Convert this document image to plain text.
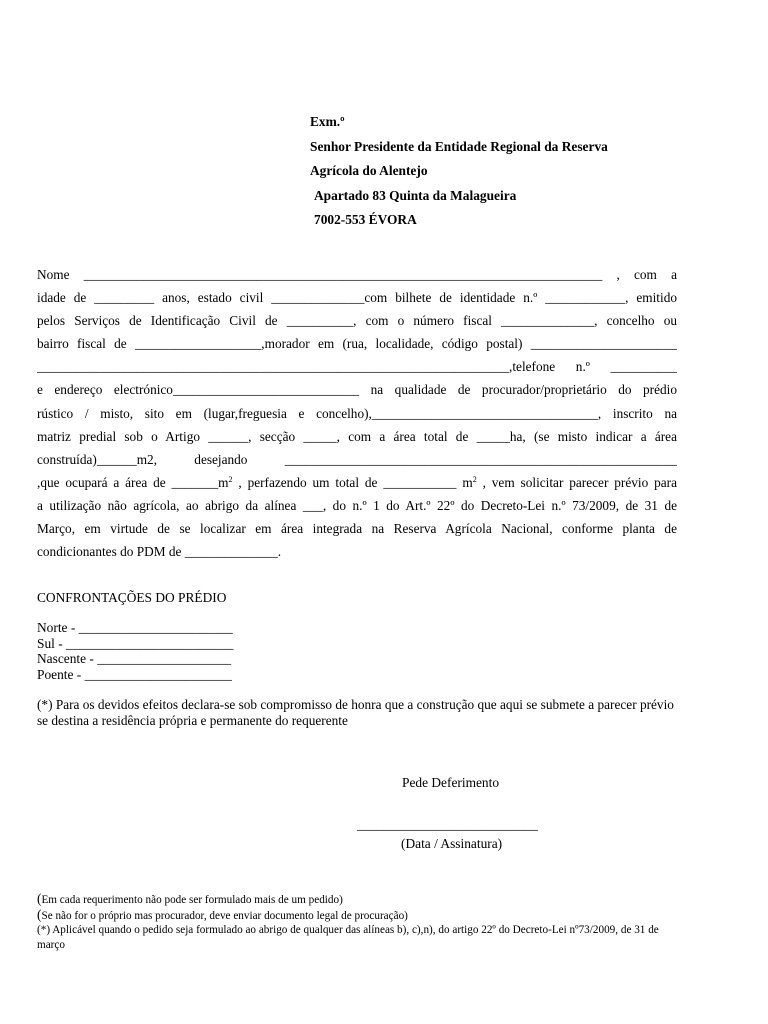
Exm.º
Senhor Presidente da Entidade Regional da Reserva
Agrícola do Alentejo
Apartado 83 Quinta da Malagueira
7002-553 ÉVORA
Nome ______________________________________________________________________________ , com a
idade de _________ anos, estado civil ______________com bilhete de identidade n.º ____________, emitido
pelos Serviços de Identificação Civil de __________, com o número fiscal ______________, concelho ou
bairro fiscal de ___________________,morador em (rua, localidade, código postal) ______________________
_______________________________________________________________________,telefone n.º __________
e endereço electrónico____________________________ na qualidade de procurador/proprietário do prédio
rústico / misto, sito em (lugar,freguesia e concelho),__________________________________, inscrito na
matriz predial sob o Artigo ______, secção _____, com a área total de _____ha, (se misto indicar a área
construída)______m2, desejando ___________________________________________________________
,que ocupará a área de $\_\_\_\_\_\_\_m^2$ , perfazendo um total de ___________ $m^2$ , vem solicitar parecer prévio para
a utilização não agrícola, ao abrigo da alínea ___, do n.º 1 do Art.º 22º do Decreto-Lei n.º 73/2009, de 31 de
Março, em virtude de se localizar em área integrada na Reserva Agrícola Nacional, conforme planta de
condicionantes do PDM de ______________.
CONFRONTAÇÕES DO PRÉDIO
Norte - _______________________
Sul - _________________________
Nascente - ____________________
Poente - ______________________
(*) Para os devidos efeitos declara-se sob compromisso de honra que a construção que aqui se submete a parecer prévio se destina a residência própria e permanente do requerente
Pede Deferimento
___________________________
(Data / Assinatura)
(Em cada requerimento não pode ser formulado mais de um pedido)
(Se não for o próprio mas procurador, deve enviar documento legal de procuração)
(*) Aplicável quando o pedido seja formulado ao abrigo de qualquer das alíneas b), c),n), do artigo 22º do Decreto-Lei nº73/2009, de 31 de março
